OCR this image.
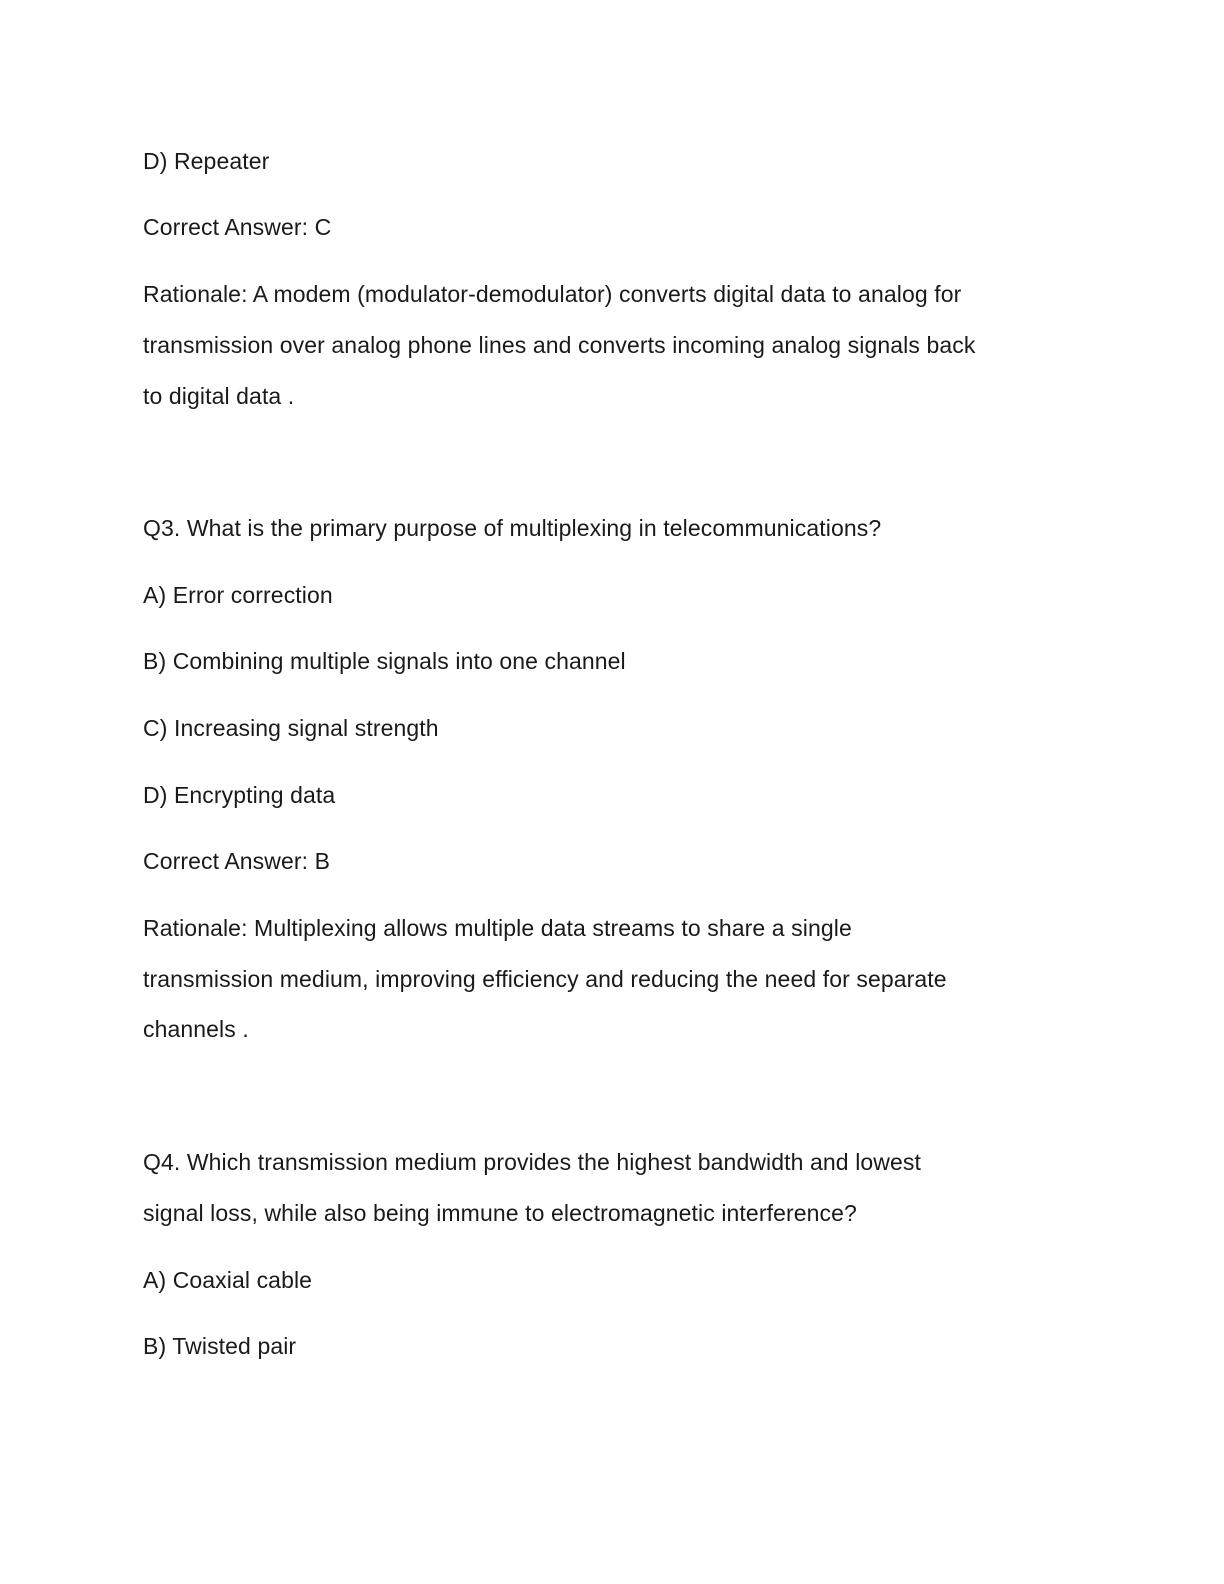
D) Repeater
Correct Answer: C
Rationale: A modem (modulator-demodulator) converts digital data to analog for
transmission over analog phone lines and converts incoming analog signals back
to digital data .
Q3. What is the primary purpose of multiplexing in telecommunications?
A) Error correction
B) Combining multiple signals into one channel
C) Increasing signal strength
D) Encrypting data
Correct Answer: B
Rationale: Multiplexing allows multiple data streams to share a single
transmission medium, improving efficiency and reducing the need for separate
channels .
Q4. Which transmission medium provides the highest bandwidth and lowest
signal loss, while also being immune to electromagnetic interference?
A) Coaxial cable
B) Twisted pair
